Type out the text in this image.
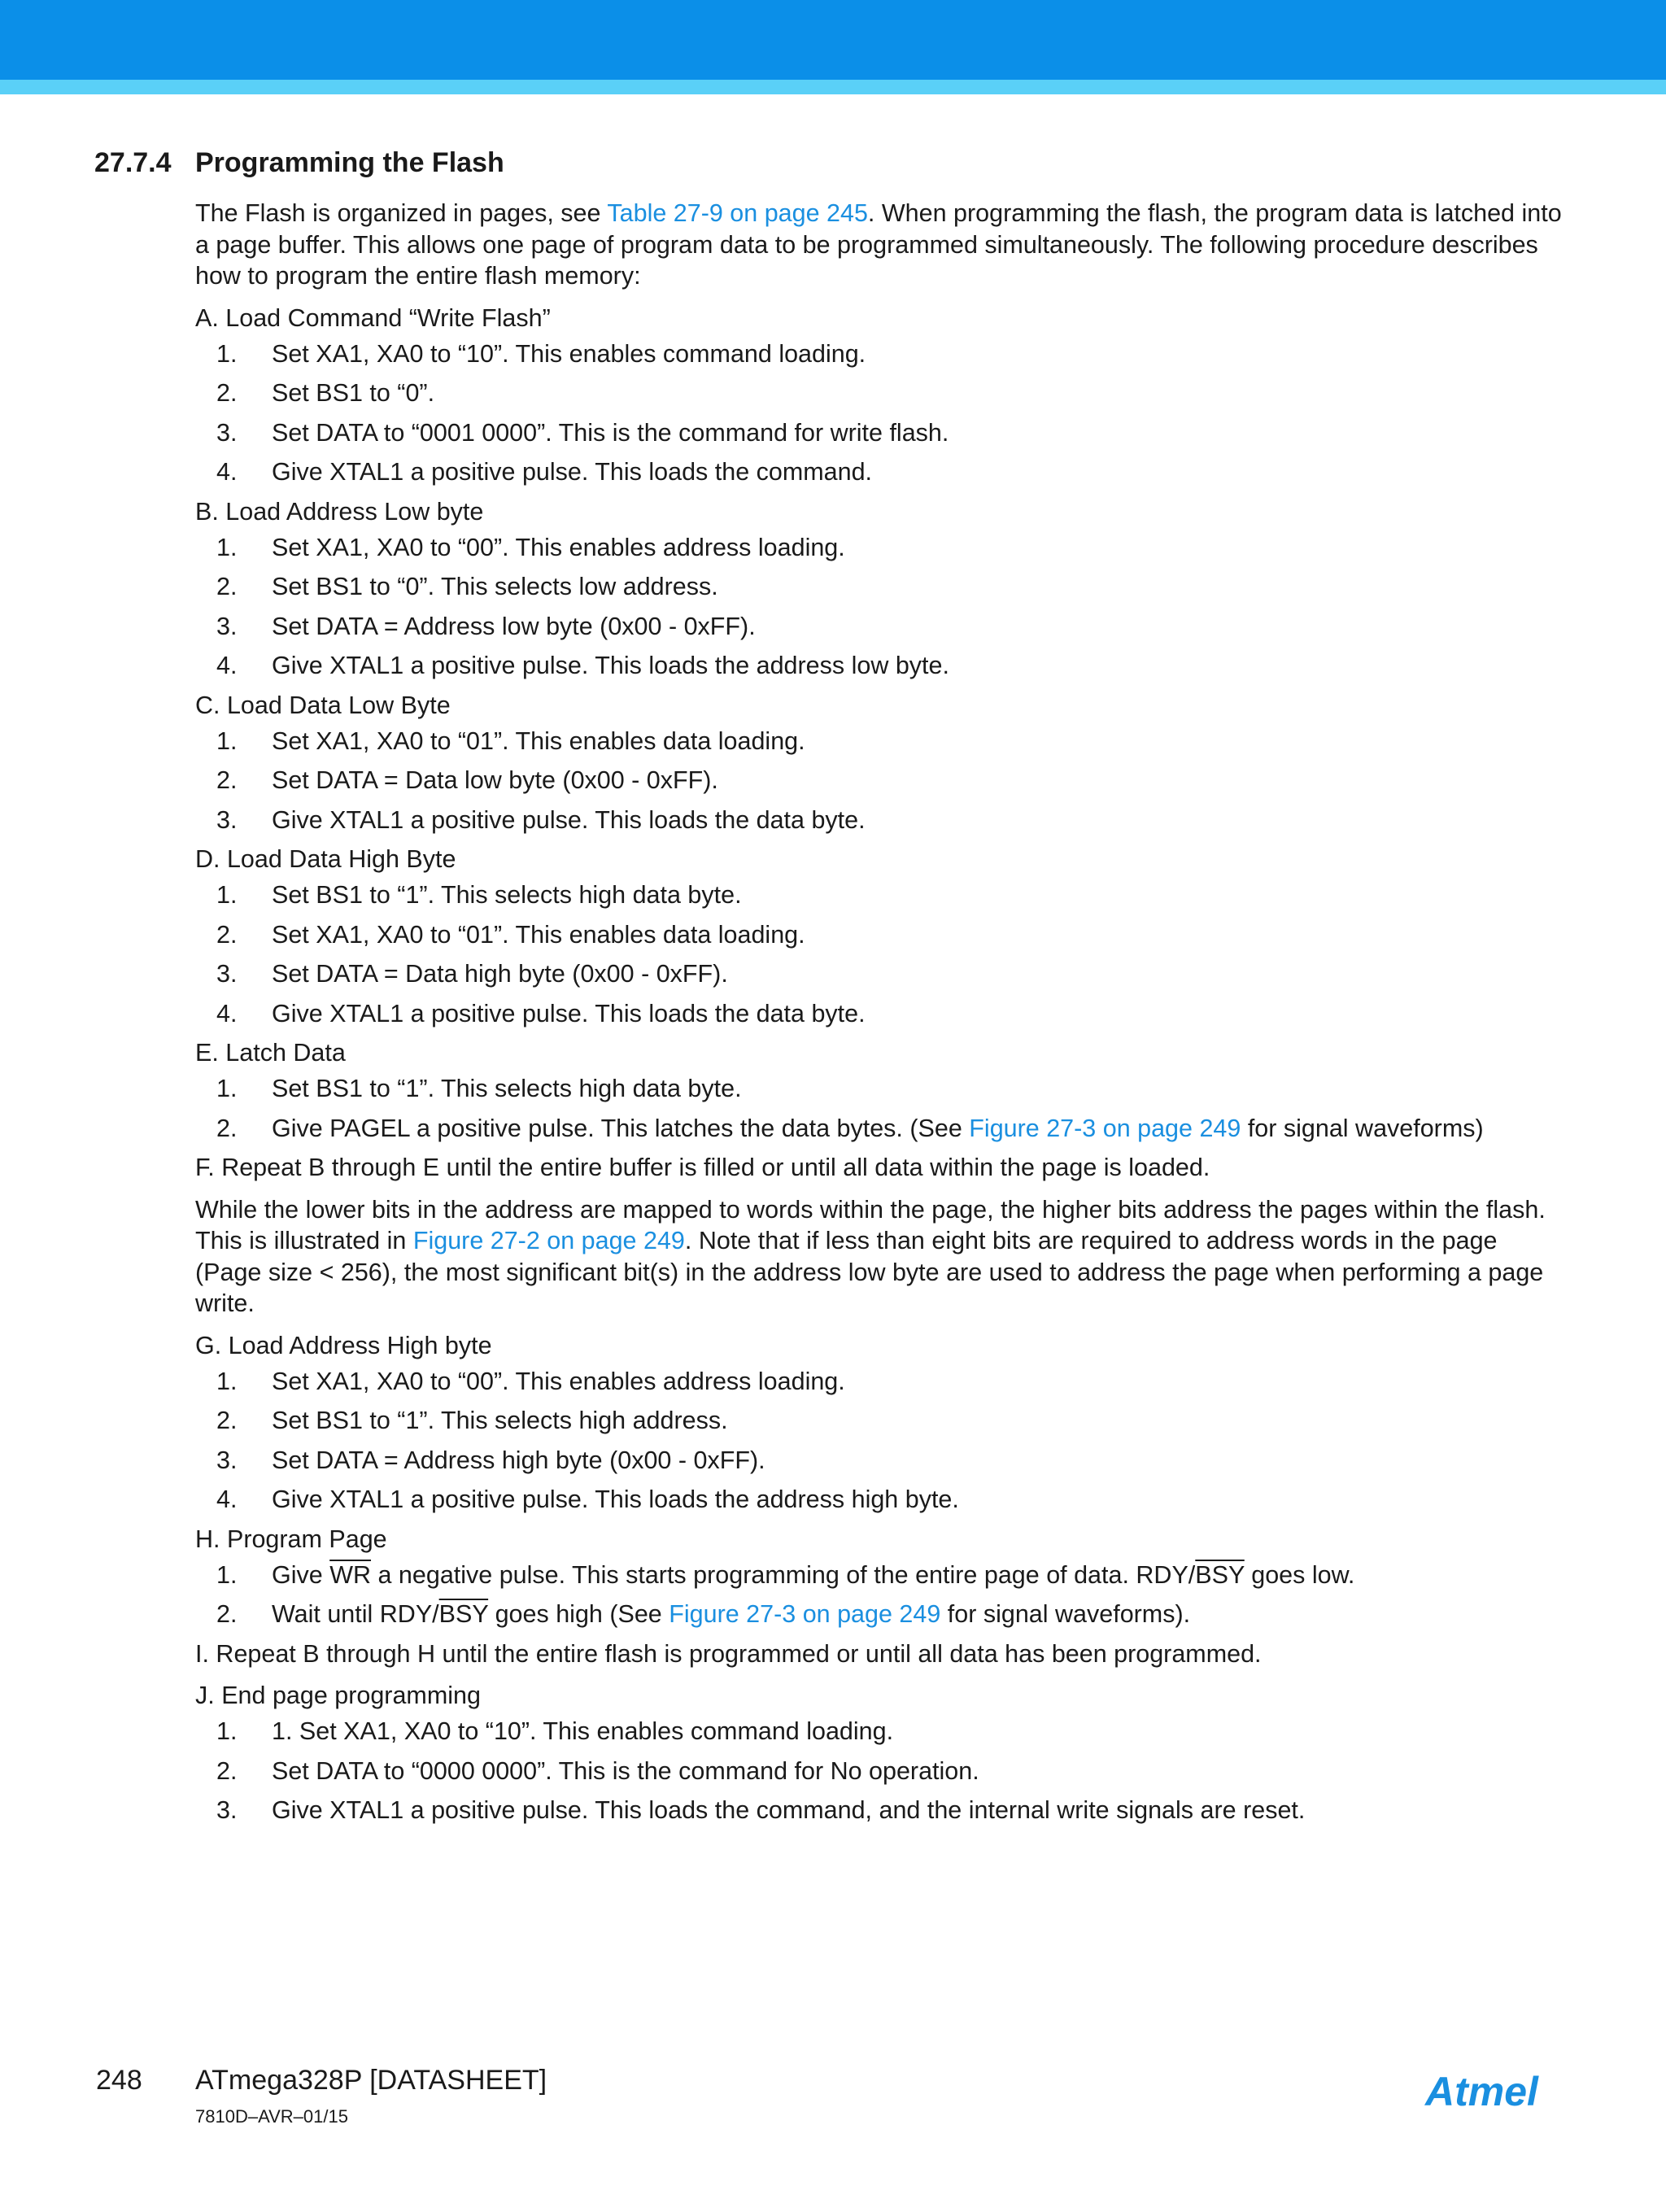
27.7.4 Programming the Flash

The Flash is organized in pages, see Table 27-9 on page 245. When programming the flash, the program data is latched into a page buffer. This allows one page of program data to be programmed simultaneously. The following procedure describes how to program the entire flash memory:

A. Load Command “Write Flash”
1.	Set XA1, XA0 to “10”. This enables command loading.
2.	Set BS1 to “0”.
3.	Set DATA to “0001 0000”. This is the command for write flash.
4.	Give XTAL1 a positive pulse. This loads the command.
B. Load Address Low byte
1.	Set XA1, XA0 to “00”. This enables address loading.
2.	Set BS1 to “0”. This selects low address.
3.	Set DATA = Address low byte (0x00 - 0xFF).
4.	Give XTAL1 a positive pulse. This loads the address low byte.
C. Load Data Low Byte
1.	Set XA1, XA0 to “01”. This enables data loading.
2.	Set DATA = Data low byte (0x00 - 0xFF).
3.	Give XTAL1 a positive pulse. This loads the data byte.
D. Load Data High Byte
1.	Set BS1 to “1”. This selects high data byte.
2.	Set XA1, XA0 to “01”. This enables data loading.
3.	Set DATA = Data high byte (0x00 - 0xFF).
4.	Give XTAL1 a positive pulse. This loads the data byte.
E. Latch Data
1.	Set BS1 to “1”. This selects high data byte.
2.	Give PAGEL a positive pulse. This latches the data bytes. (See Figure 27-3 on page 249 for signal waveforms)

F. Repeat B through E until the entire buffer is filled or until all data within the page is loaded.

While the lower bits in the address are mapped to words within the page, the higher bits address the pages within the flash. This is illustrated in Figure 27-2 on page 249. Note that if less than eight bits are required to address words in the page (Page size < 256), the most significant bit(s) in the address low byte are used to address the page when performing a page write.

G. Load Address High byte
1.	Set XA1, XA0 to “00”. This enables address loading.
2.	Set BS1 to “1”. This selects high address.
3.	Set DATA = Address high byte (0x00 - 0xFF).
4.	Give XTAL1 a positive pulse. This loads the address high byte.
H. Program Page
1.	Give $\overline{WR}$ a negative pulse. This starts programming of the entire page of data. RDY/$\overline{BSY}$ goes low.
2.	Wait until RDY/$\overline{BSY}$ goes high (See Figure 27-3 on page 249 for signal waveforms).

I. Repeat B through H until the entire flash is programmed or until all data has been programmed.

J. End page programming
1.	1. Set XA1, XA0 to “10”. This enables command loading.
2.	Set DATA to “0000 0000”. This is the command for No operation.
3.	Give XTAL1 a positive pulse. This loads the command, and the internal write signals are reset.
248 ATmega328P [DATASHEET]
7810D–AVR–01/15
Atmel
